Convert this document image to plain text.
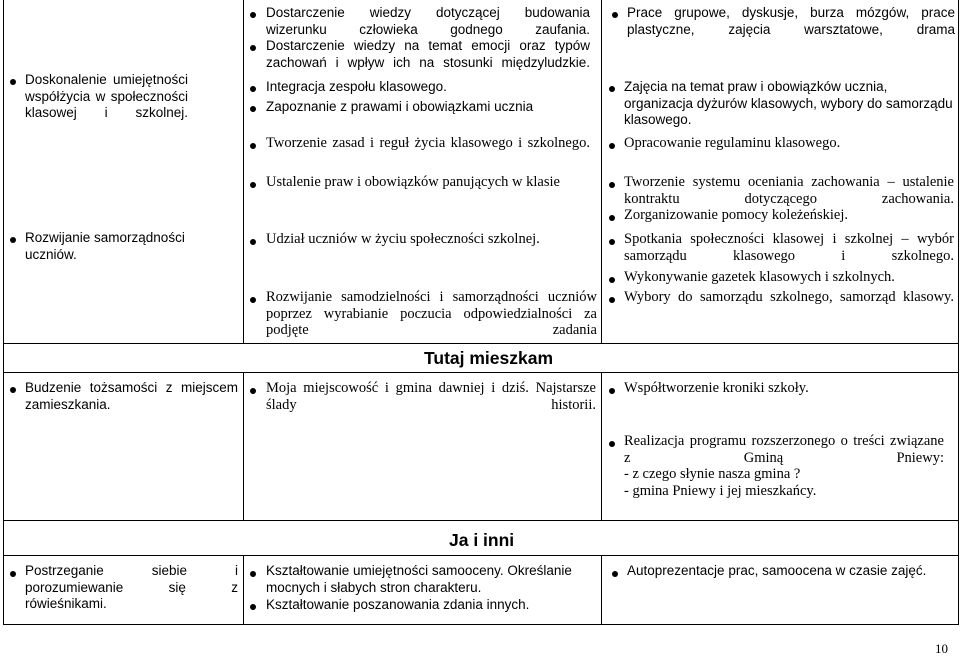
Tutaj mieszkam
Ja i inni
Doskonalenie umiejętności współżycia w społeczności klasowej i szkolnej.
Dostarczenie wiedzy dotyczącej budowania wizerunku człowieka godnego zaufania.
Dostarczenie wiedzy na temat emocji oraz typów zachowań i wpływ ich na stosunki międzyludzkie.
Integracja zespołu klasowego.
Zapoznanie z prawami i obowiązkami ucznia
Tworzenie zasad i reguł życia klasowego i szkolnego.
Ustalenie praw i obowiązków panujących w klasie
Prace grupowe, dyskusje, burza mózgów, prace plastyczne, zajęcia warsztatowe, drama
Zajęcia na temat praw i obowiązków ucznia, organizacja dyżurów klasowych, wybory do samorządu klasowego.
Opracowanie regulaminu klasowego.
Tworzenie systemu oceniania zachowania – ustalenie kontraktu dotyczącego zachowania.
Zorganizowanie pomocy koleżeńskiej.
Rozwijanie samorządności uczniów.
Udział uczniów w życiu społeczności szkolnej.
Rozwijanie samodzielności i samorządności uczniów poprzez wyrabianie poczucia odpowiedzialności za podjęte zadania
Spotkania społeczności klasowej i szkolnej – wybór samorządu klasowego i szkolnego.
Wykonywanie gazetek klasowych i szkolnych.
Wybory do samorządu szkolnego, samorząd klasowy.
Budzenie tożsamości z miejscem zamieszkania.
Moja miejscowość i gmina dawniej i dziś. Najstarsze ślady historii.
Współtworzenie kroniki szkoły.
Realizacja programu rozszerzonego o treści związane z Gminą Pniewy:
- z czego słynie nasza gmina ?
- gmina Pniewy i jej mieszkańcy.
Postrzeganie siebie i porozumiewanie się z rówieśnikami.
Kształtowanie umiejętności samooceny. Określanie mocnych i słabych stron charakteru.
Kształtowanie poszanowania zdania innych.
Autoprezentacje prac, samoocena w czasie zajęć.
10
